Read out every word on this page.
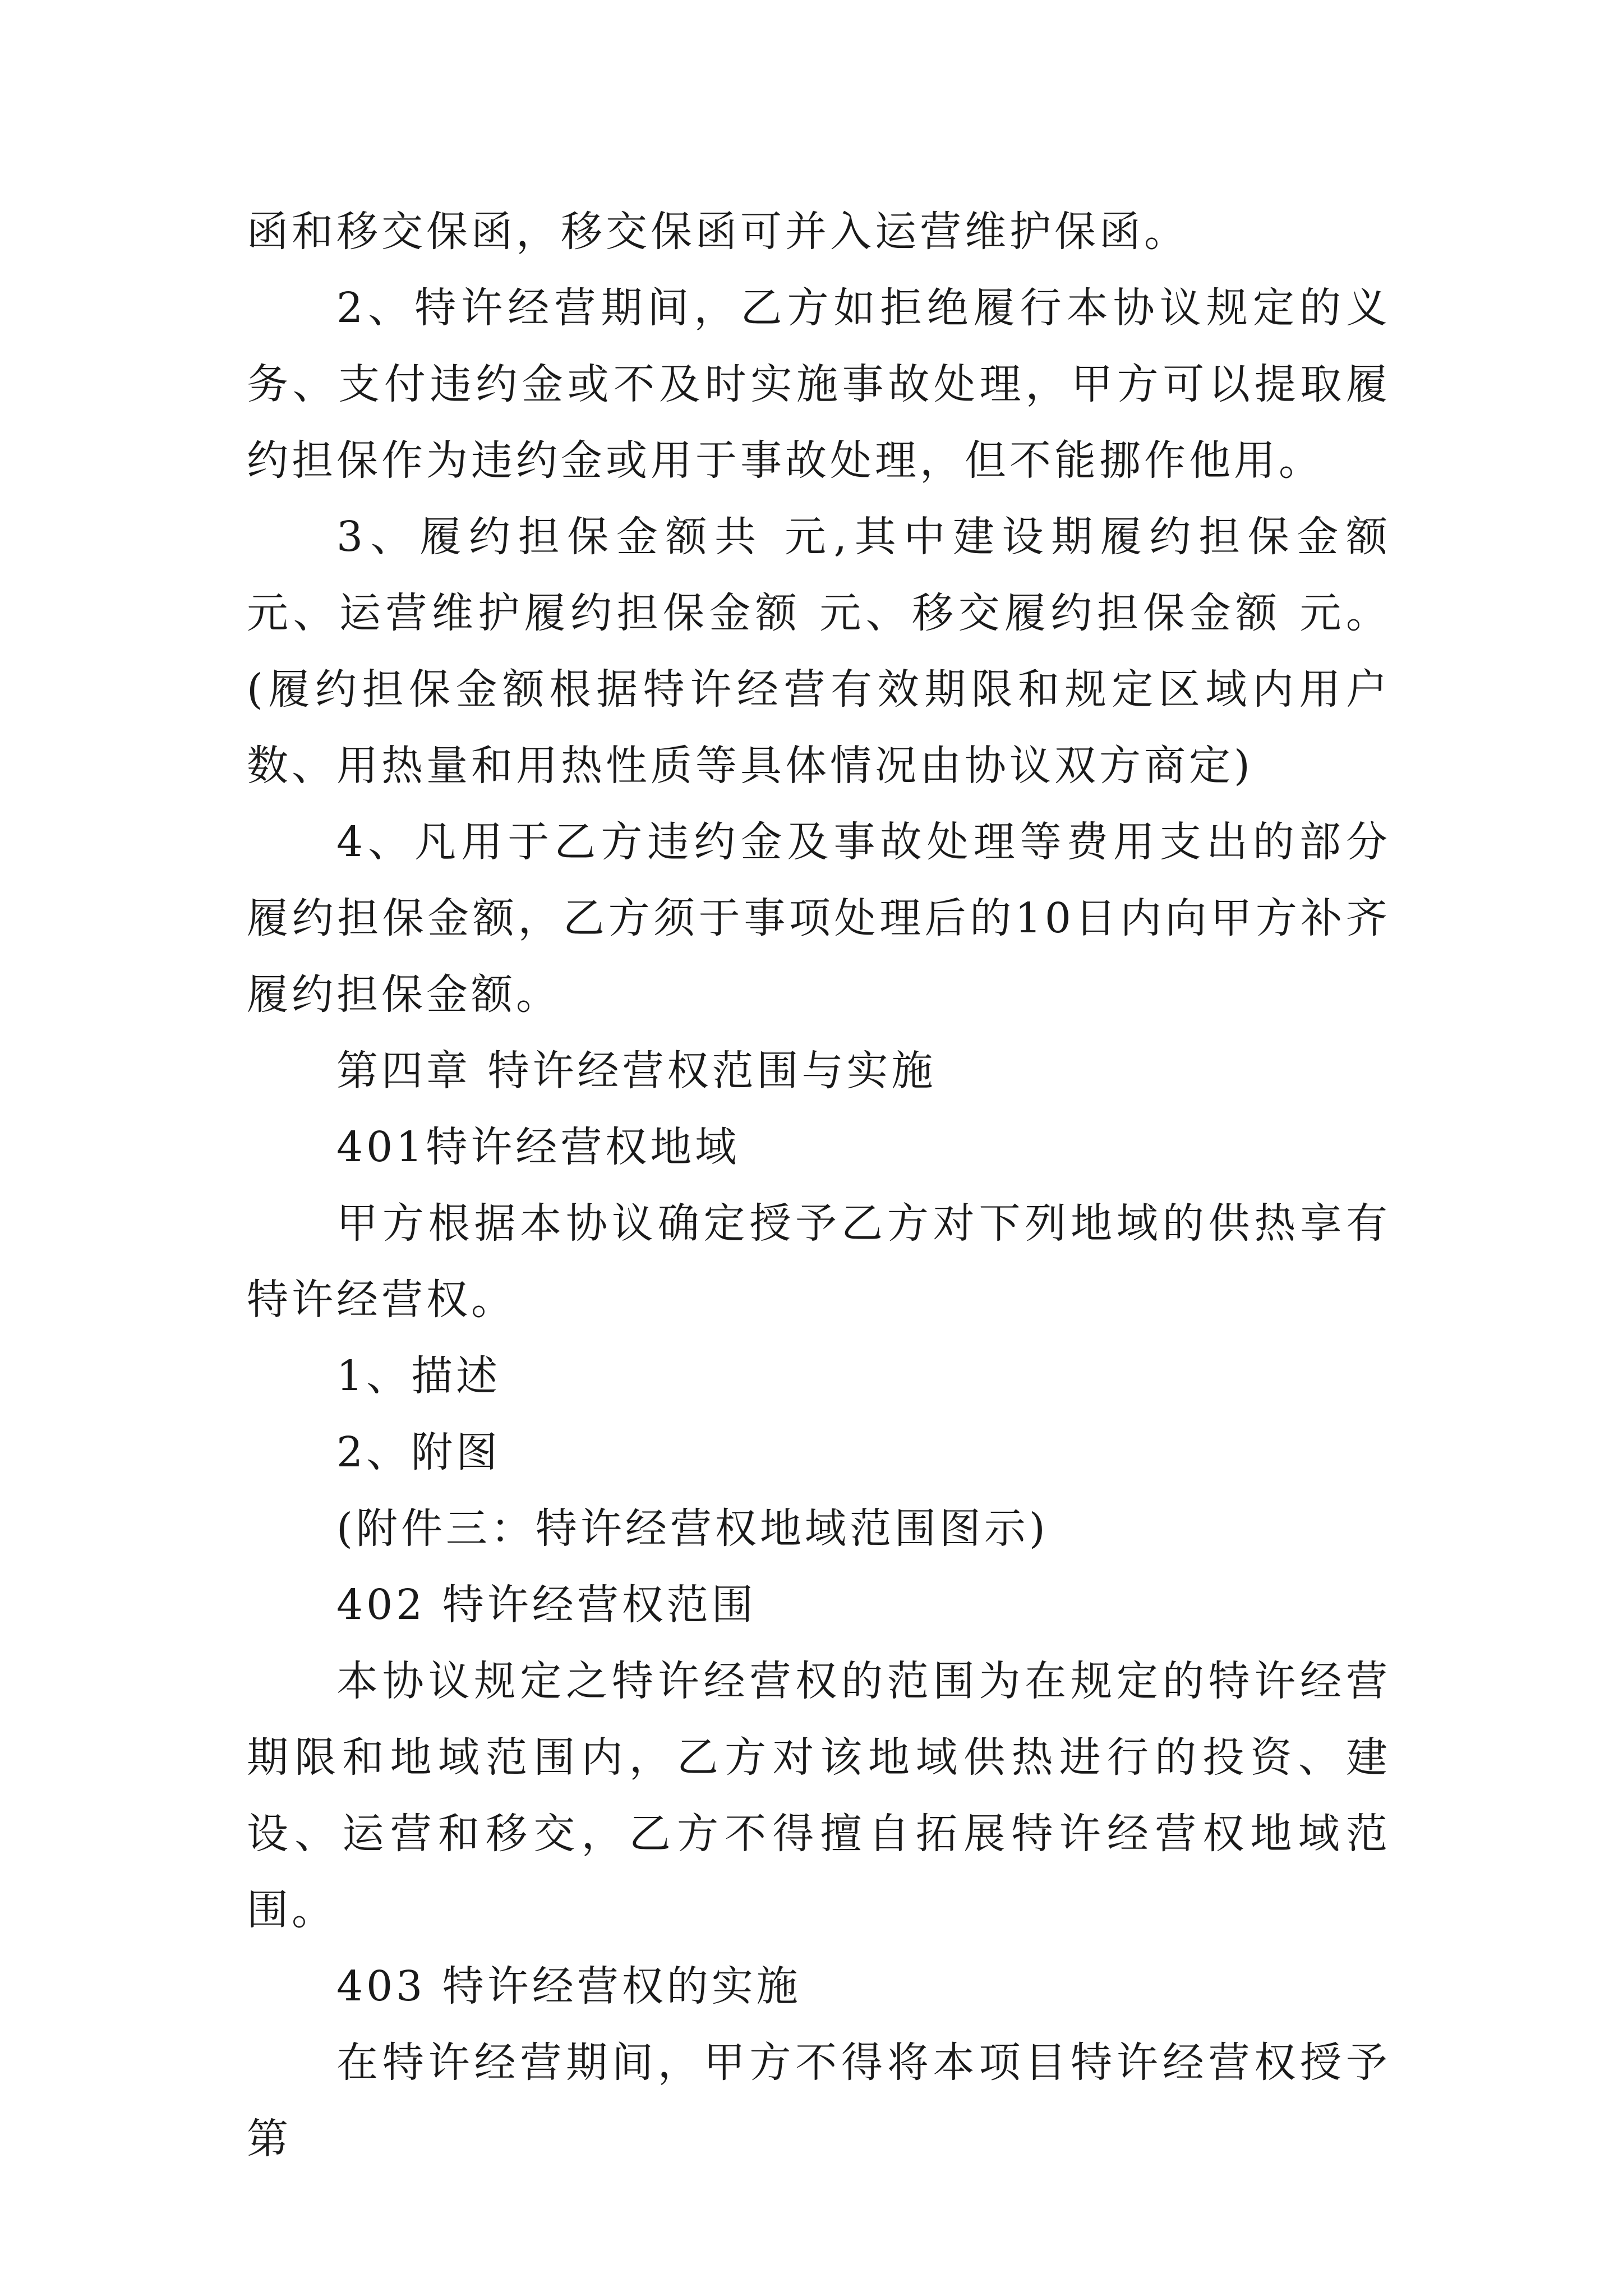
函和移交保函，移交保函可并入运营维护保函。

2、特许经营期间，乙方如拒绝履行本协议规定的义务、支付违约金或不及时实施事故处理，甲方可以提取履约担保作为违约金或用于事故处理，但不能挪作他用。

3、履约担保金额共 元,其中建设期履约担保金额 元、运营维护履约担保金额 元、移交履约担保金额 元。(履约担保金额根据特许经营有效期限和规定区域内用户数、用热量和用热性质等具体情况由协议双方商定)

4、凡用于乙方违约金及事故处理等费用支出的部分履约担保金额，乙方须于事项处理后的10日内向甲方补齐履约担保金额。

第四章 特许经营权范围与实施

401特许经营权地域

甲方根据本协议确定授予乙方对下列地域的供热享有特许经营权。

1、描述

2、附图

(附件三：特许经营权地域范围图示)

402 特许经营权范围

本协议规定之特许经营权的范围为在规定的特许经营期限和地域范围内，乙方对该地域供热进行的投资、建设、运营和移交，乙方不得擅自拓展特许经营权地域范围。

403 特许经营权的实施

在特许经营期间，甲方不得将本项目特许经营权授予第
